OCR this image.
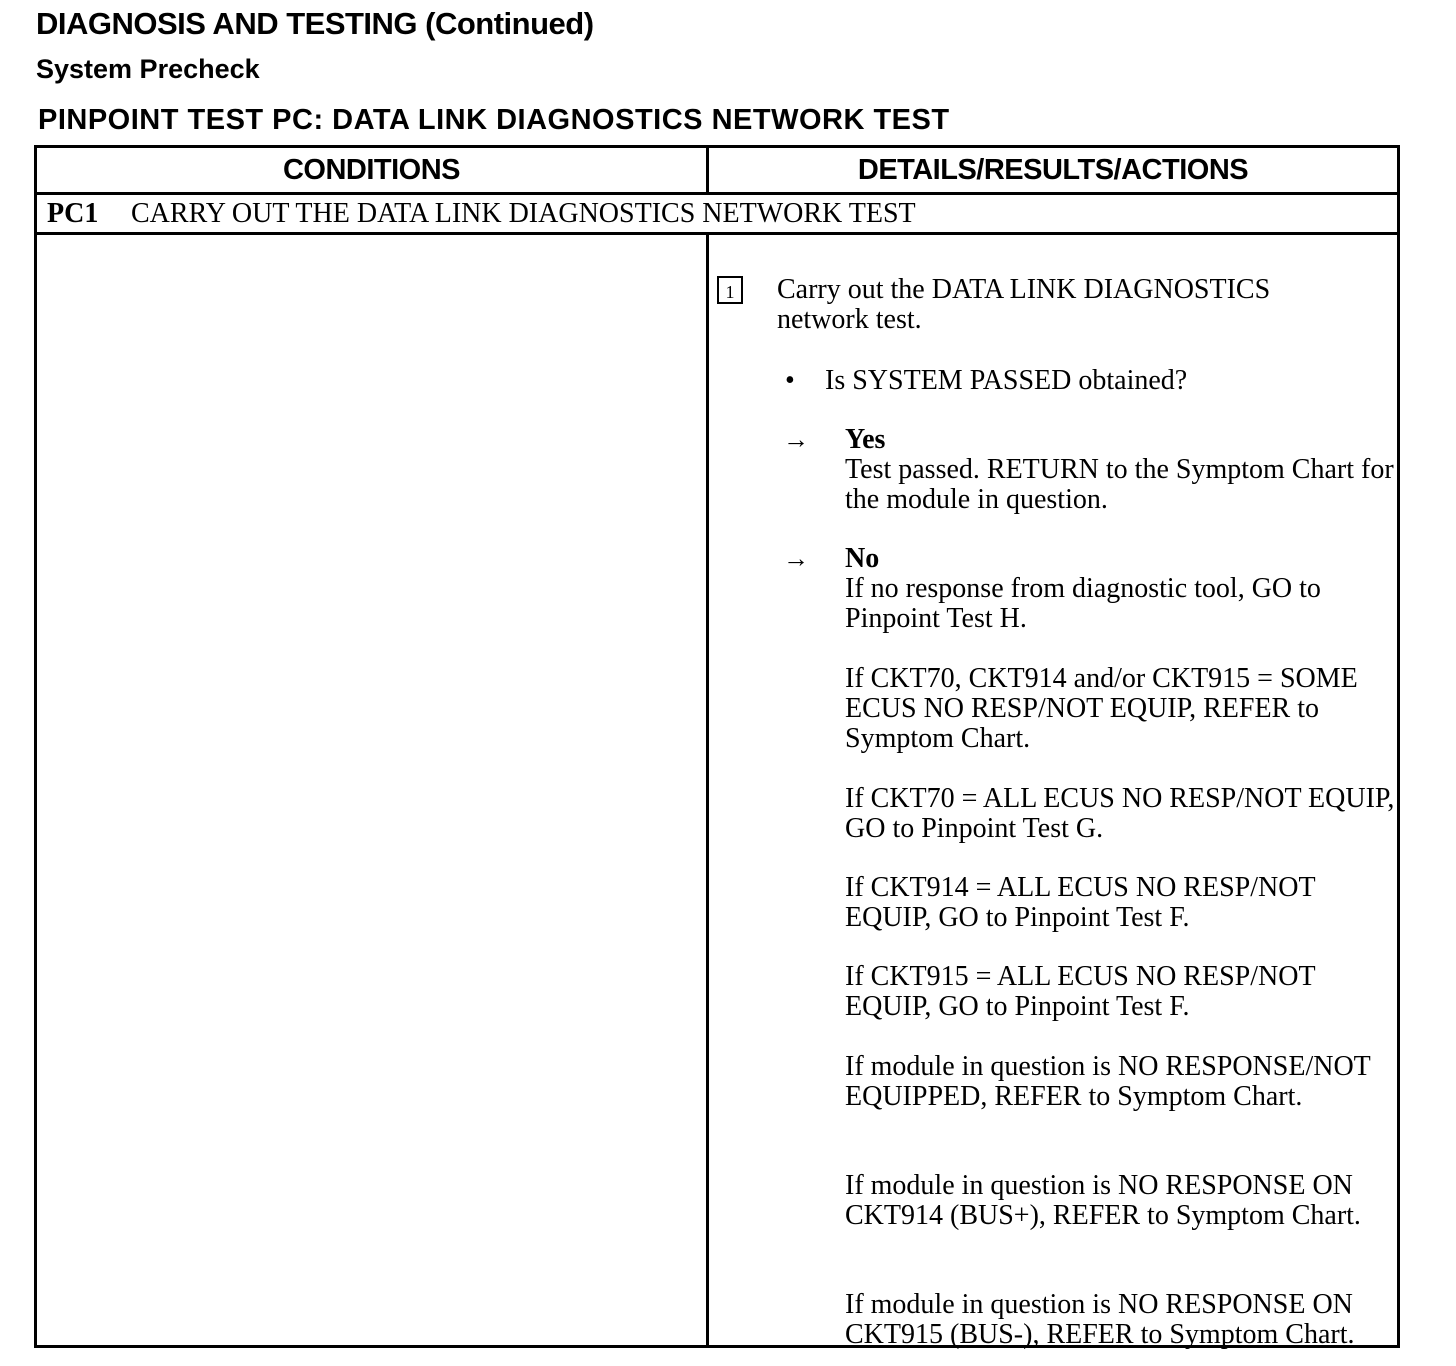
DIAGNOSIS AND TESTING (Continued)
System Precheck
PINPOINT TEST PC: DATA LINK DIAGNOSTICS NETWORK TEST
CONDITIONS	DETAILS/RESULTS/ACTIONS
PC1	CARRY OUT THE DATA LINK DIAGNOSTICS NETWORK TEST
1	Carry out the DATA LINK DIAGNOSTICS network test.
• Is SYSTEM PASSED obtained?
→ Yes
Test passed. RETURN to the Symptom Chart for the module in question.
→ No
If no response from diagnostic tool, GO to Pinpoint Test H.
If CKT70, CKT914 and/or CKT915 = SOME ECUS NO RESP/NOT EQUIP, REFER to Symptom Chart.
If CKT70 = ALL ECUS NO RESP/NOT EQUIP, GO to Pinpoint Test G.
If CKT914 = ALL ECUS NO RESP/NOT EQUIP, GO to Pinpoint Test F.
If CKT915 = ALL ECUS NO RESP/NOT EQUIP, GO to Pinpoint Test F.
If module in question is NO RESPONSE/NOT EQUIPPED, REFER to Symptom Chart.
If module in question is NO RESPONSE ON CKT914 (BUS+), REFER to Symptom Chart.
If module in question is NO RESPONSE ON CKT915 (BUS-), REFER to Symptom Chart.
